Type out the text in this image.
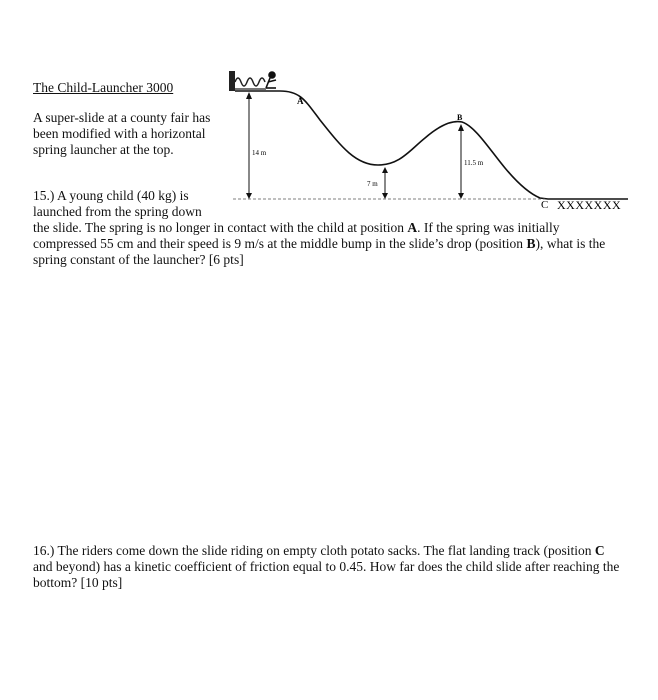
The Child-Launcher 3000
A super-slide at a county fair has been modified with a horizontal spring launcher at the top.
A
B
C
14 m
7 m
11.5 m
XXXXXXX
15.) A young child (40 kg) is
launched from the spring down
the slide. The spring is no longer in contact with the child at position A. If the spring was initially compressed 55 cm and their speed is 9 m/s at the middle bump in the slide’s drop (position B), what is the spring constant of the launcher? [6 pts]
16.) The riders come down the slide riding on empty cloth potato sacks. The flat landing track (position C and beyond) has a kinetic coefficient of friction equal to 0.45. How far does the child slide after reaching the bottom? [10 pts]
